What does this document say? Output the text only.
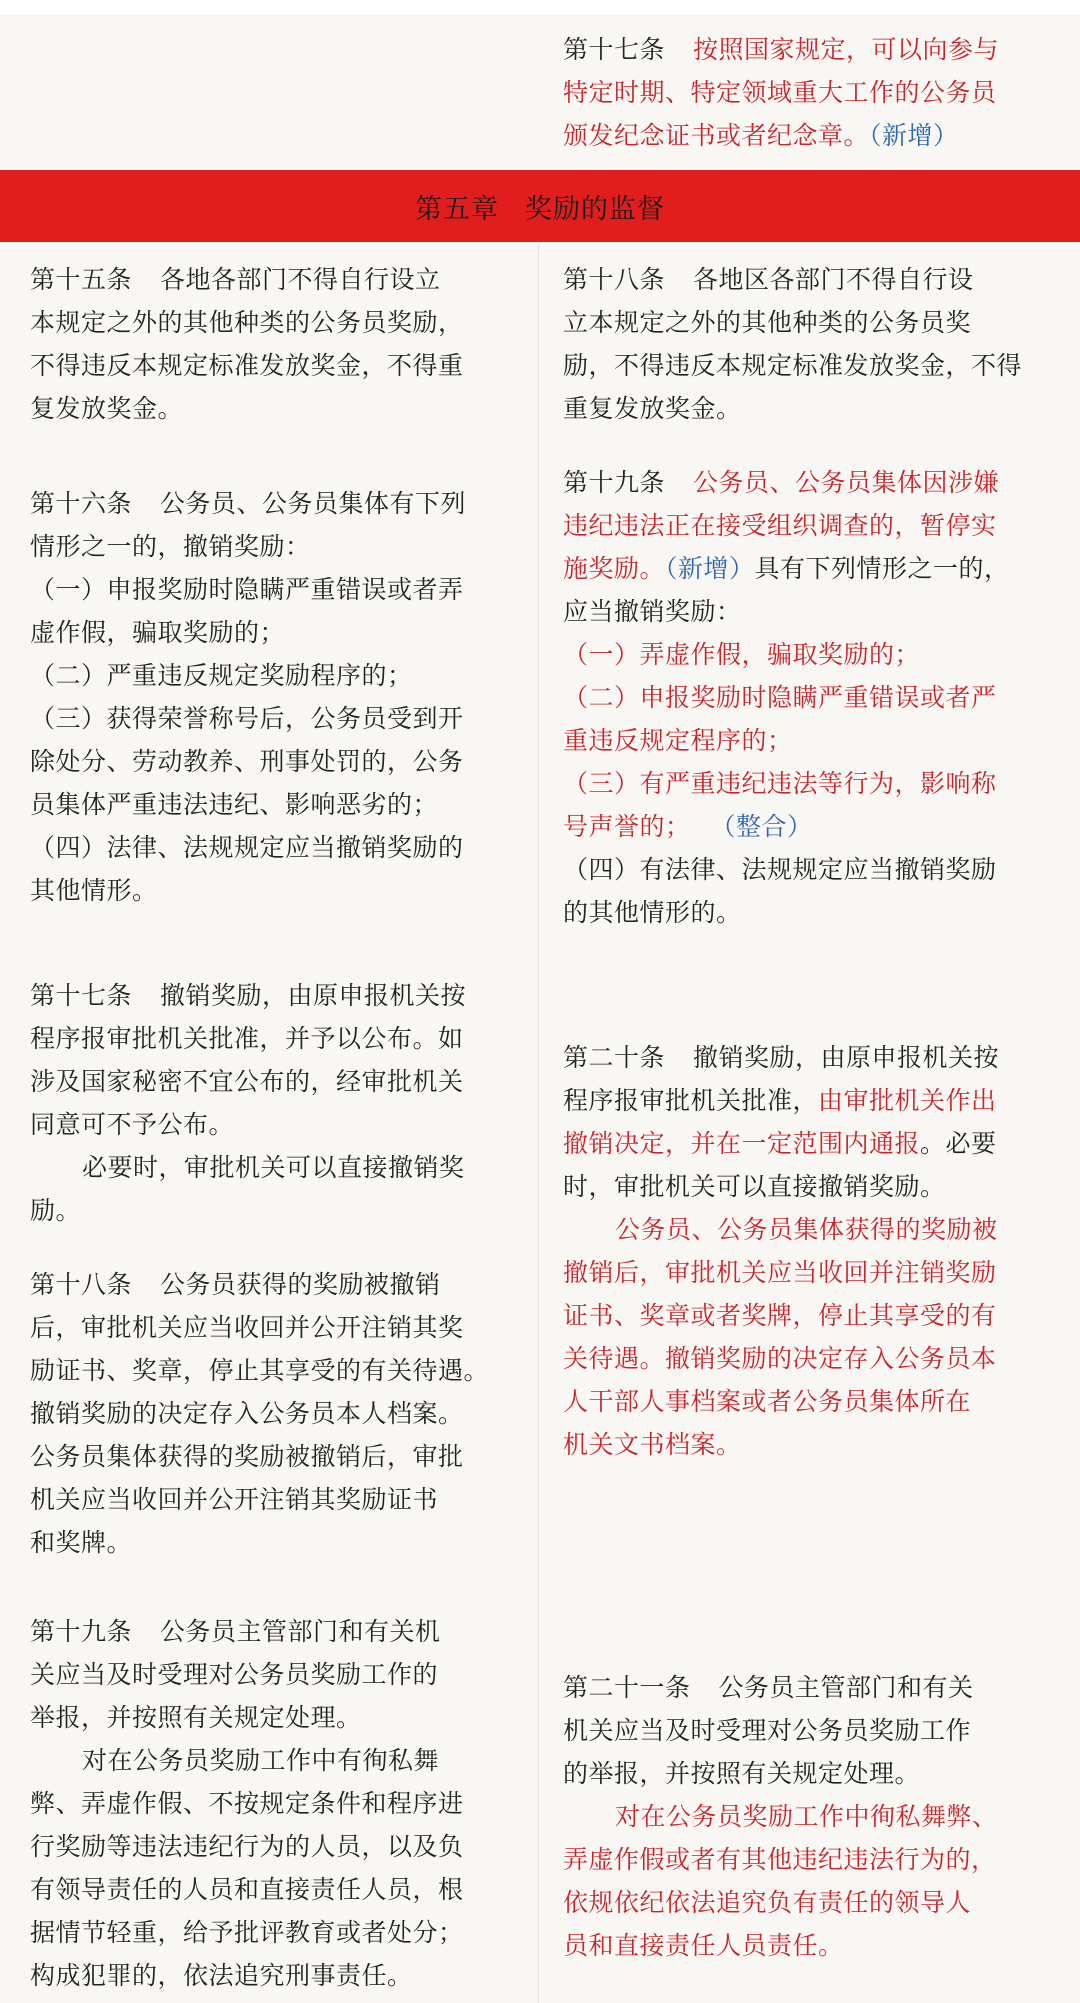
第十七条 按照国家规定，可以向参与
特定时期、特定领域重大工作的公务员
颁发纪念证书或者纪念章。（新增）
第五章 奖励的监督
第十五条 各地各部门不得自行设立
本规定之外的其他种类的公务员奖励，
不得违反本规定标准发放奖金，不得重
复发放奖金。
第十六条 公务员、公务员集体有下列
情形之一的，撤销奖励：
（一）申报奖励时隐瞒严重错误或者弄
虚作假，骗取奖励的；
（二）严重违反规定奖励程序的；
（三）获得荣誉称号后，公务员受到开
除处分、劳动教养、刑事处罚的，公务
员集体严重违法违纪、影响恶劣的；
（四）法律、法规规定应当撤销奖励的
其他情形。
第十七条 撤销奖励，由原申报机关按
程序报审批机关批准，并予以公布。如
涉及国家秘密不宜公布的，经审批机关
同意可不予公布。
必要时，审批机关可以直接撤销奖
励。
第十八条 公务员获得的奖励被撤销
后，审批机关应当收回并公开注销其奖
励证书、奖章，停止其享受的有关待遇。
撤销奖励的决定存入公务员本人档案。
公务员集体获得的奖励被撤销后，审批
机关应当收回并公开注销其奖励证书
和奖牌。
第十九条 公务员主管部门和有关机
关应当及时受理对公务员奖励工作的
举报，并按照有关规定处理。
对在公务员奖励工作中有徇私舞
弊、弄虚作假、不按规定条件和程序进
行奖励等违法违纪行为的人员，以及负
有领导责任的人员和直接责任人员，根
据情节轻重，给予批评教育或者处分；
构成犯罪的，依法追究刑事责任。
第十八条 各地区各部门不得自行设
立本规定之外的其他种类的公务员奖
励，不得违反本规定标准发放奖金，不得
重复发放奖金。
第十九条 公务员、公务员集体因涉嫌
违纪违法正在接受组织调查的，暂停实
施奖励。（新增）具有下列情形之一的，
应当撤销奖励：
（一）弄虚作假，骗取奖励的；
（二）申报奖励时隐瞒严重错误或者严
重违反规定程序的；
（三）有严重违纪违法等行为，影响称
号声誉的； （整合）
（四）有法律、法规规定应当撤销奖励
的其他情形的。
第二十条 撤销奖励，由原申报机关按
程序报审批机关批准，由审批机关作出
撤销决定，并在一定范围内通报。必要
时，审批机关可以直接撤销奖励。
公务员、公务员集体获得的奖励被
撤销后，审批机关应当收回并注销奖励
证书、奖章或者奖牌，停止其享受的有
关待遇。撤销奖励的决定存入公务员本
人干部人事档案或者公务员集体所在
机关文书档案。
第二十一条 公务员主管部门和有关
机关应当及时受理对公务员奖励工作
的举报，并按照有关规定处理。
对在公务员奖励工作中徇私舞弊、
弄虚作假或者有其他违纪违法行为的，
依规依纪依法追究负有责任的领导人
员和直接责任人员责任。
